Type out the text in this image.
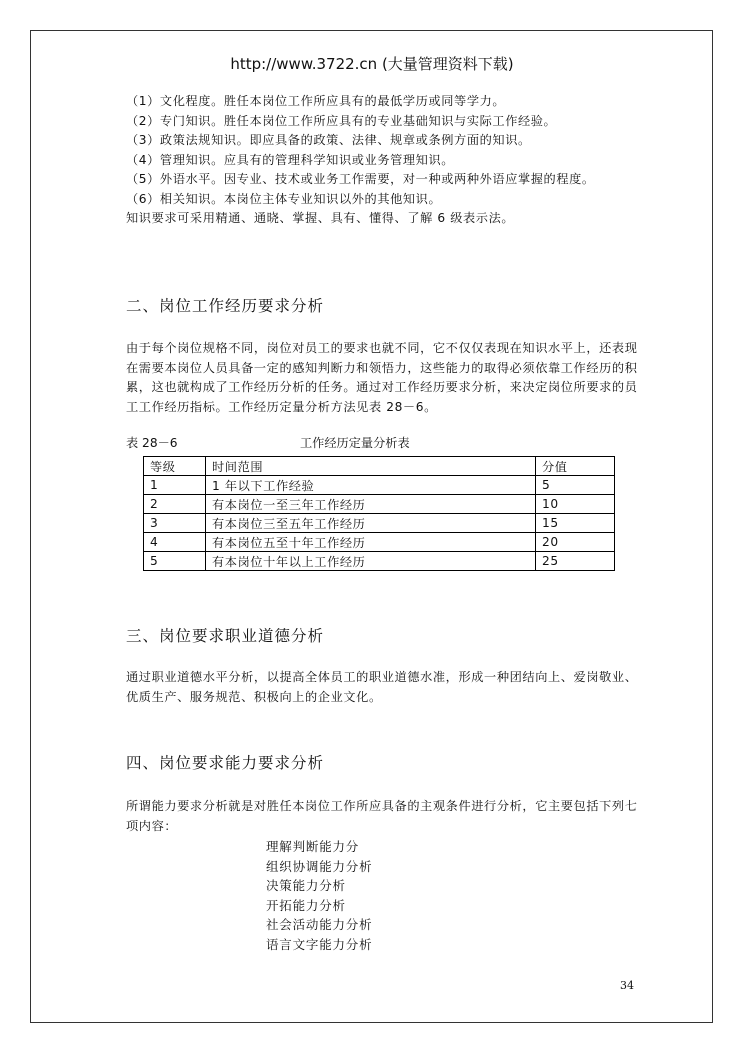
http://www.3722.cn (大量管理资料下载)
（1）文化程度。胜任本岗位工作所应具有的最低学历或同等学力。
（2）专门知识。胜任本岗位工作所应具有的专业基础知识与实际工作经验。
（3）政策法规知识。即应具备的政策、法律、规章或条例方面的知识。
（4）管理知识。应具有的管理科学知识或业务管理知识。
（5）外语水平。因专业、技术或业务工作需要，对一种或两种外语应掌握的程度。
（6）相关知识。本岗位主体专业知识以外的其他知识。
知识要求可采用精通、通晓、掌握、具有、懂得、了解 6 级表示法。
二、岗位工作经历要求分析
由于每个岗位规格不同，岗位对员工的要求也就不同，它不仅仅表现在知识水平上，还表现在需要本岗位人员具备一定的感知判断力和领悟力，这些能力的取得必须依靠工作经历的积累，这也就构成了工作经历分析的任务。通过对工作经历要求分析，来决定岗位所要求的员工工作经历指标。工作经历定量分析方法见表 28－6。
表 28－6	工作经历定量分析表
等级	时间范围	分值
1	1 年以下工作经验	5
2	有本岗位一至三年工作经历	10
3	有本岗位三至五年工作经历	15
4	有本岗位五至十年工作经历	20
5	有本岗位十年以上工作经历	25
三、岗位要求职业道德分析
通过职业道德水平分析，以提高全体员工的职业道德水准，形成一种团结向上、爱岗敬业、优质生产、服务规范、积极向上的企业文化。
四、岗位要求能力要求分析
所谓能力要求分析就是对胜任本岗位工作所应具备的主观条件进行分析，它主要包括下列七项内容：
理解判断能力分
组织协调能力分析
决策能力分析
开拓能力分析
社会活动能力分析
语言文字能力分析
34
